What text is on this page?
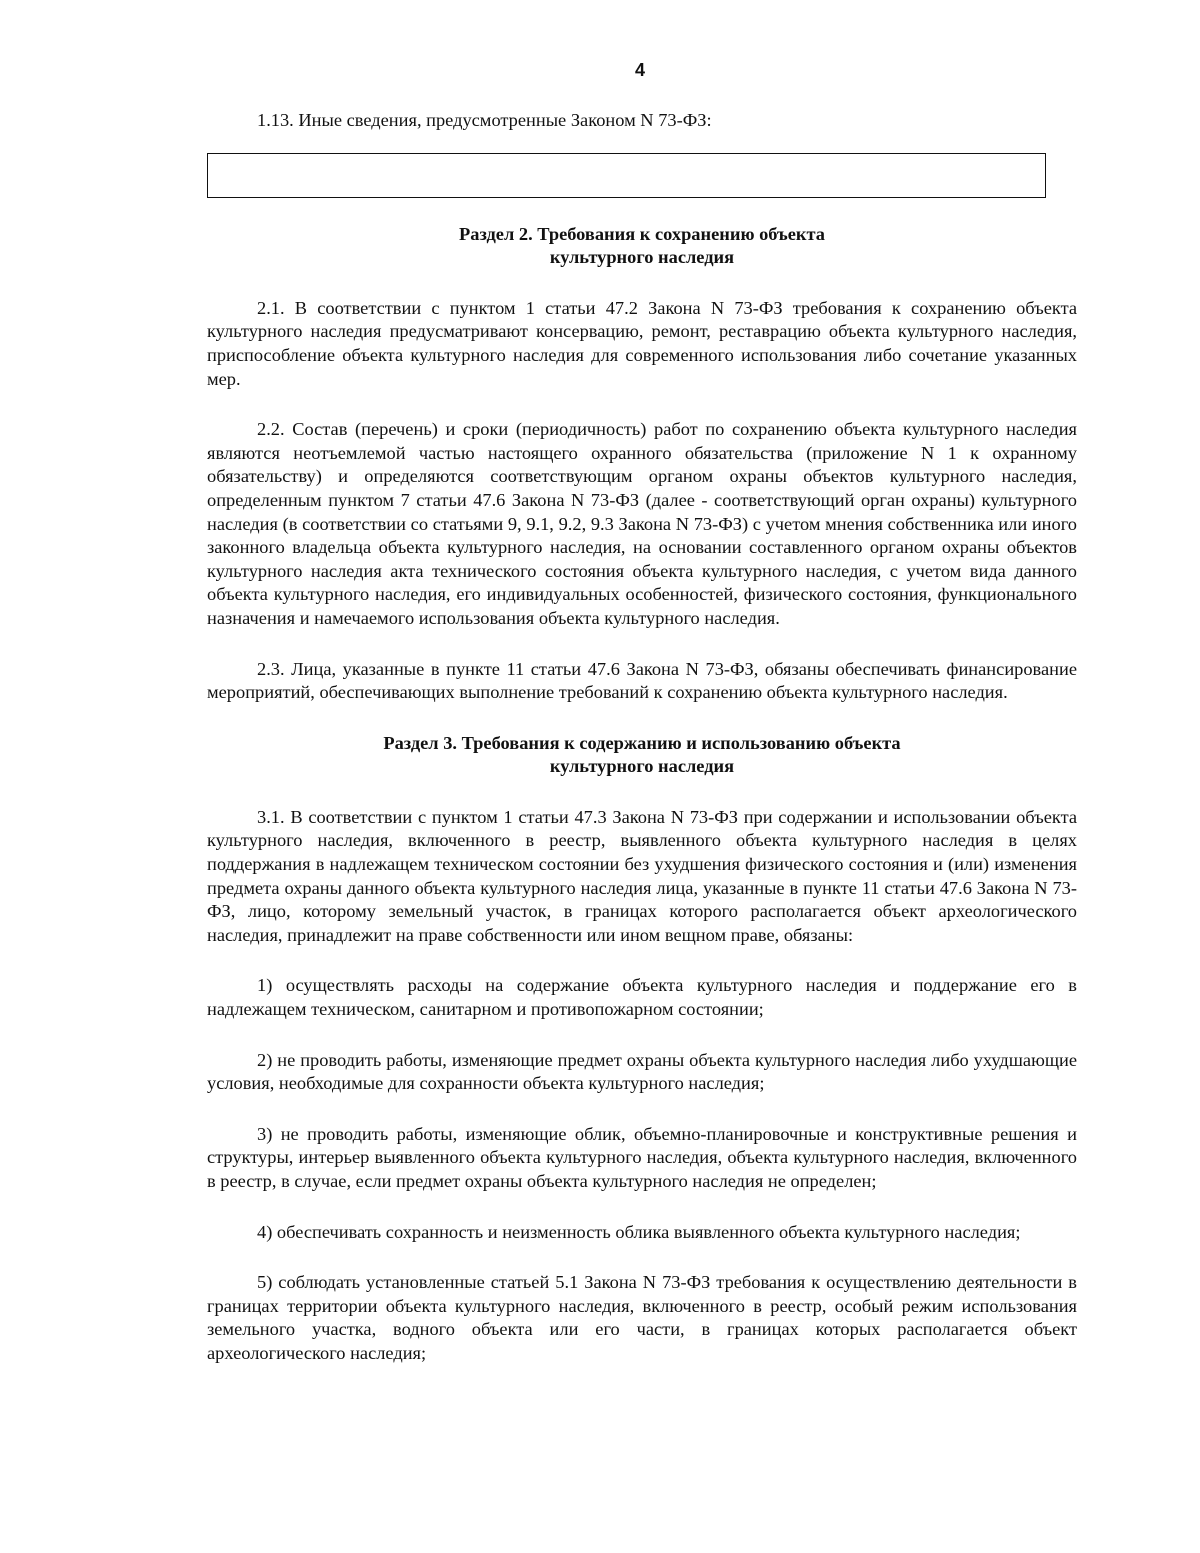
4

1.13. Иные сведения, предусмотренные Законом N 73-ФЗ:

Раздел 2. Требования к сохранению объекта

культурного наследия

2.1. В соответствии с пунктом 1 статьи 47.2 Закона N 73-ФЗ требования к сохранению объекта культурного наследия предусматривают консервацию, ремонт, реставрацию объекта культурного наследия, приспособление объекта культурного наследия для современного использования либо сочетание указанных мер.

2.2. Состав (перечень) и сроки (периодичность) работ по сохранению объекта культурного наследия являются неотъемлемой частью настоящего охранного обязательства (приложение N 1 к охранному обязательству) и определяются соответствующим органом охраны объектов культурного наследия, определенным пунктом 7 статьи 47.6 Закона N 73-ФЗ (далее - соответствующий орган охраны) культурного наследия (в соответствии со статьями 9, 9.1, 9.2, 9.3 Закона N 73-ФЗ) с учетом мнения собственника или иного законного владельца объекта культурного наследия, на основании составленного органом охраны объектов культурного наследия акта технического состояния объекта культурного наследия, с учетом вида данного объекта культурного наследия, его индивидуальных особенностей, физического состояния, функционального назначения и намечаемого использования объекта культурного наследия.

2.3. Лица, указанные в пункте 11 статьи 47.6 Закона N 73-ФЗ, обязаны обеспечивать финансирование мероприятий, обеспечивающих выполнение требований к сохранению объекта культурного наследия.

Раздел 3. Требования к содержанию и использованию объекта

культурного наследия

3.1. В соответствии с пунктом 1 статьи 47.3 Закона N 73-ФЗ при содержании и использовании объекта культурного наследия, включенного в реестр, выявленного объекта культурного наследия в целях поддержания в надлежащем техническом состоянии без ухудшения физического состояния и (или) изменения предмета охраны данного объекта культурного наследия лица, указанные в пункте 11 статьи 47.6 Закона N 73-ФЗ, лицо, которому земельный участок, в границах которого располагается объект археологического наследия, принадлежит на праве собственности или ином вещном праве, обязаны:

1) осуществлять расходы на содержание объекта культурного наследия и поддержание его в надлежащем техническом, санитарном и противопожарном состоянии;

2) не проводить работы, изменяющие предмет охраны объекта культурного наследия либо ухудшающие условия, необходимые для сохранности объекта культурного наследия;

3) не проводить работы, изменяющие облик, объемно-планировочные и конструктивные решения и структуры, интерьер выявленного объекта культурного наследия, объекта культурного наследия, включенного в реестр, в случае, если предмет охраны объекта культурного наследия не определен;

4) обеспечивать сохранность и неизменность облика выявленного объекта культурного наследия;

5) соблюдать установленные статьей 5.1 Закона N 73-ФЗ требования к осуществлению деятельности в границах территории объекта культурного наследия, включенного в реестр, особый режим использования земельного участка, водного объекта или его части, в границах которых располагается объект археологического наследия;
